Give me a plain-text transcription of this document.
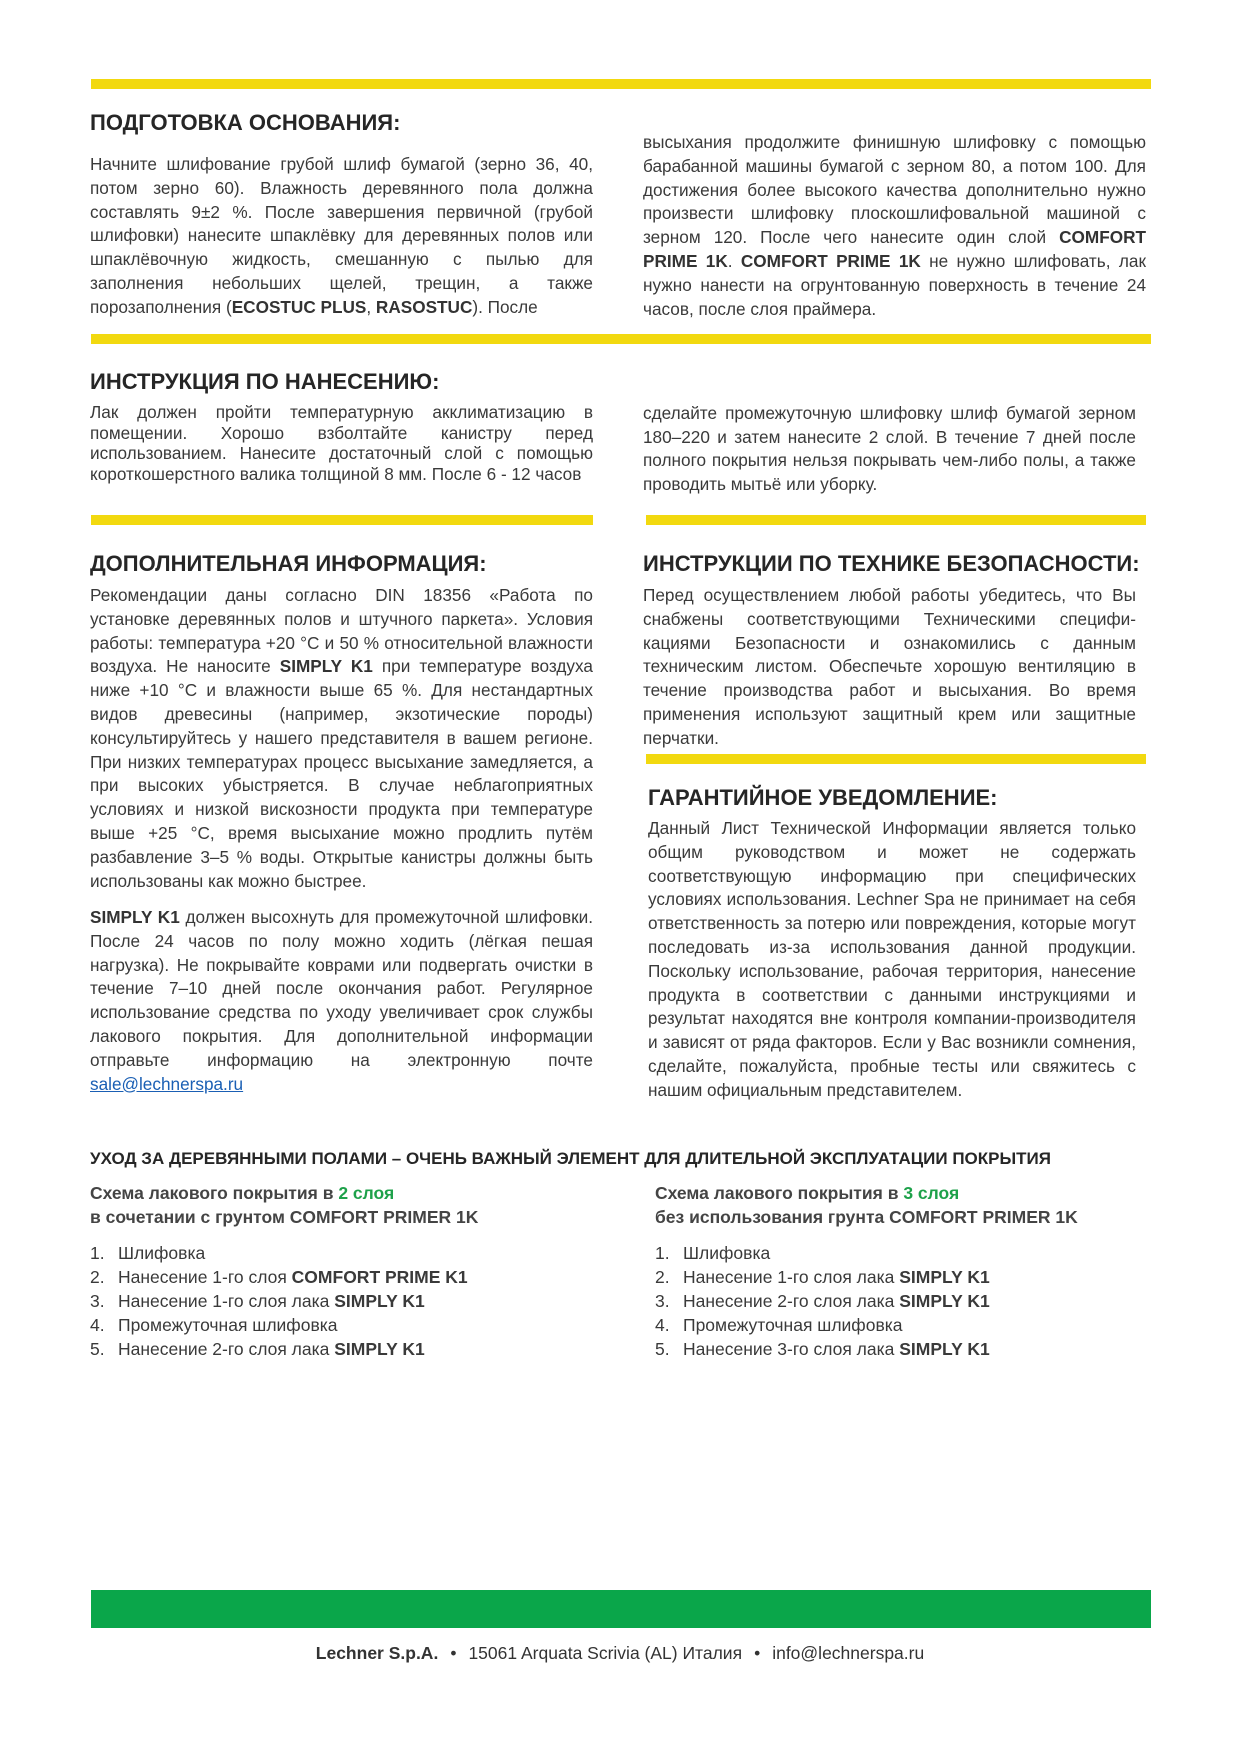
ПОДГОТОВКА ОСНОВАНИЯ:

Начните шлифование грубой шлиф бумагой (зерно 36, 40, потом зерно 60). Влажность деревянного пола должна составлять 9±2 %. После завершения первичной (грубой шлифовки) нанесите шпаклёвку для деревянных полов или шпаклёвочную жидкость, смешанную с пылью для заполнения небольших щелей, трещин, а также порозаполнения (ECOSTUC PLUS, RASOSTUC). После

высыхания продолжите финишную шлифовку с помощью барабанной машины бумагой с зерном 80, а потом 100. Для достижения более высокого качества дополнительно нужно произвести шлифовку плоскошлифовальной машиной с зерном 120. После чего нанесите один слой COMFORT PRIME 1K. COMFORT PRIME 1K не нужно шлифовать, лак нужно нанести на огрунтованную поверхность в течение 24 часов, после слоя праймера.

ИНСТРУКЦИЯ ПО НАНЕСЕНИЮ:

Лак должен пройти температурную акклиматизацию в помещении. Хорошо взболтайте канистру перед использованием. Нанесите достаточный слой с помощью короткошерстного валика толщиной 8 мм. После 6 - 12 часов

сделайте промежуточную шлифовку шлиф бумагой зерном 180–220 и затем нанесите 2 слой. В течение 7 дней после полного покрытия нельзя покрывать чем-либо полы, а также проводить мытьё или уборку.

ДОПОЛНИТЕЛЬНАЯ ИНФОРМАЦИЯ:

Рекомендации даны согласно DIN 18356 «Работа по установке деревянных полов и штучного паркета». Условия работы: температура +20 °C и 50 % относительной влажности воздуха. Не наносите SIMPLY K1 при температуре воздуха ниже +10 °C и влажности выше 65 %. Для нестандартных видов древесины (например, экзотические породы) консультируйтесь у нашего представителя в вашем регионе. При низких температурах процесс высыхание замедляется, а при высоких убыстряется. В случае неблагоприятных условиях и низкой вискозности продукта при температуре выше +25 °C, время высыхание можно продлить путём разбавление 3–5 % воды. Открытые канистры должны быть использованы как можно быстрее.

SIMPLY K1 должен высохнуть для промежуточной шлифовки. После 24 часов по полу можно ходить (лёгкая пешая нагрузка). Не покрывайте коврами или подвергать очистки в течение 7–10 дней после окончания работ. Регулярное использование средства по уходу увеличивает срок службы лакового покрытия. Для дополнительной информации отправьте информацию на электронную почте sale@lechnerspa.ru

ИНСТРУКЦИИ ПО ТЕХНИКЕ БЕЗОПАСНОСТИ:

Перед осуществлением любой работы убедитесь, что Вы снабжены соответствующими Техническими спецификациями Безопасности и ознакомились с данным техническим листом. Обеспечьте хорошую вентиляцию в течение производства работ и высыхания. Во время применения используют защитный крем или защитные перчатки.

ГАРАНТИЙНОЕ УВЕДОМЛЕНИЕ:

Данный Лист Технической Информации является только общим руководством и может не содержать соответствующую информацию при специфических условиях использования. Lechner Spa не принимает на себя ответственность за потерю или повреждения, которые могут последовать из-за использования данной продукции. Поскольку использование, рабочая территория, нанесение продукта в соответствии с данными инструкциями и результат находятся вне контроля компании-производителя и зависят от ряда факторов. Если у Вас возникли сомнения, сделайте, пожалуйста, пробные тесты или свяжитесь с нашим официальным представителем.

УХОД ЗА ДЕРЕВЯННЫМИ ПОЛАМИ – ОЧЕНЬ ВАЖНЫЙ ЭЛЕМЕНТ ДЛЯ ДЛИТЕЛЬНОЙ ЭКСПЛУАТАЦИИ ПОКРЫТИЯ
Схема лакового покрытия в 2 слоя
в сочетании с грунтом COMFORT PRIMER 1K
1. Шлифовка
2. Нанесение 1-го слоя COMFORT PRIME K1
3. Нанесение 1-го слоя лака SIMPLY K1
4. Промежуточная шлифовка
5. Нанесение 2-го слоя лака SIMPLY K1
Схема лакового покрытия в 3 слоя
без использования грунта COMFORT PRIMER 1K
1. Шлифовка
2. Нанесение 1-го слоя лака SIMPLY K1
3. Нанесение 2-го слоя лака SIMPLY K1
4. Промежуточная шлифовка
5. Нанесение 3-го слоя лака SIMPLY K1
Lechner S.p.A. • 15061 Arquata Scrivia (AL) Италия • info@lechnerspa.ru
